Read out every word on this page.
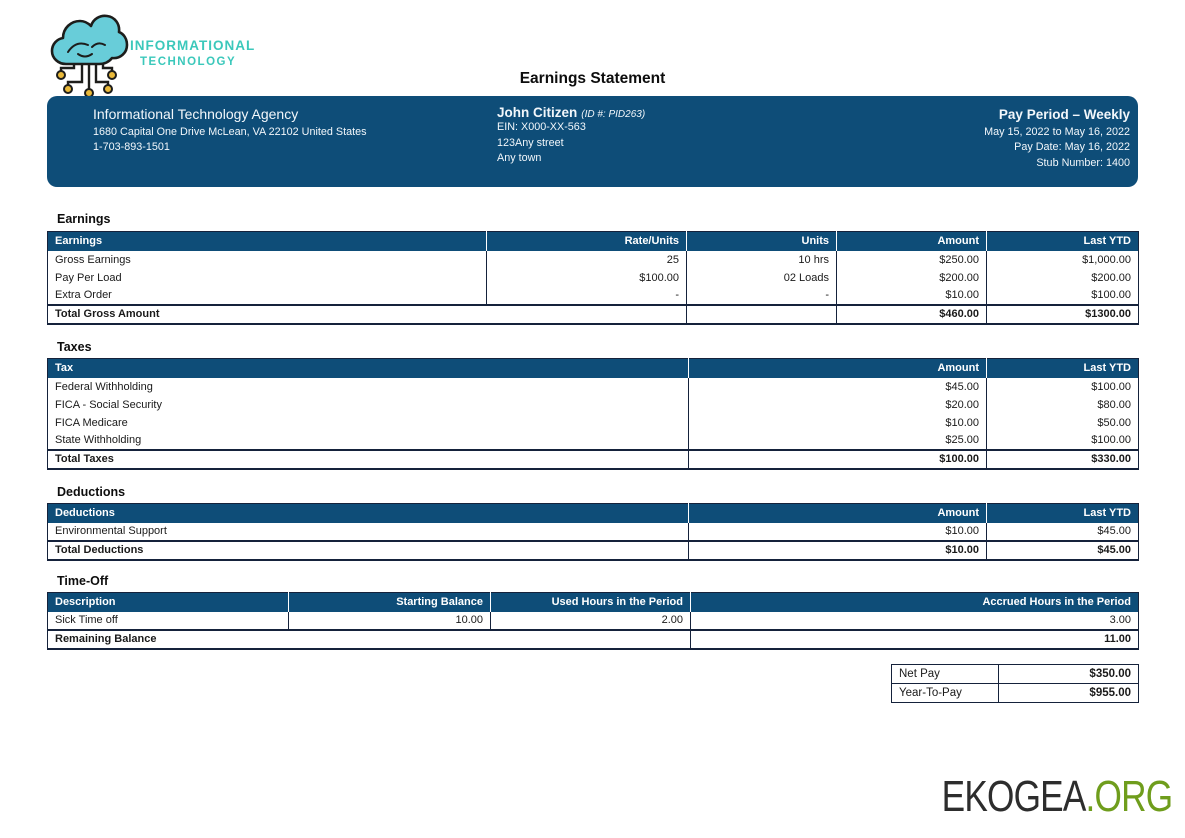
INFORMATIONAL
TECHNOLOGY
Earnings Statement
Informational Technology Agency
1680 Capital One Drive McLean, VA 22102 United States
1-703-893-1501
John Citizen (ID #: PID263)
EIN: X000-XX-563
123Any street
Any town
Pay Period – Weekly
May 15, 2022 to May 16, 2022
Pay Date: May 16, 2022
Stub Number: 1400
Earnings
Earnings	Rate/Units	Units	Amount	Last YTD
Gross Earnings	25	10 hrs	$250.00	$1,000.00
Pay Per Load	$100.00	02 Loads	$200.00	$200.00
Extra Order	-	-	$10.00	$100.00
Total Gross Amount			$460.00	$1300.00
Taxes
Tax	Amount	Last YTD
Federal Withholding	$45.00	$100.00
FICA - Social Security	$20.00	$80.00
FICA Medicare	$10.00	$50.00
State Withholding	$25.00	$100.00
Total Taxes	$100.00	$330.00
Deductions
Deductions	Amount	Last YTD
Environmental Support	$10.00	$45.00
Total Deductions	$10.00	$45.00
Time-Off
Description	Starting Balance	Used Hours in the Period	Accrued Hours in the Period
Sick Time off	10.00	2.00	3.00
Remaining Balance			11.00
Net Pay	$350.00
Year-To-Pay	$955.00
EKOGEA.ORG
